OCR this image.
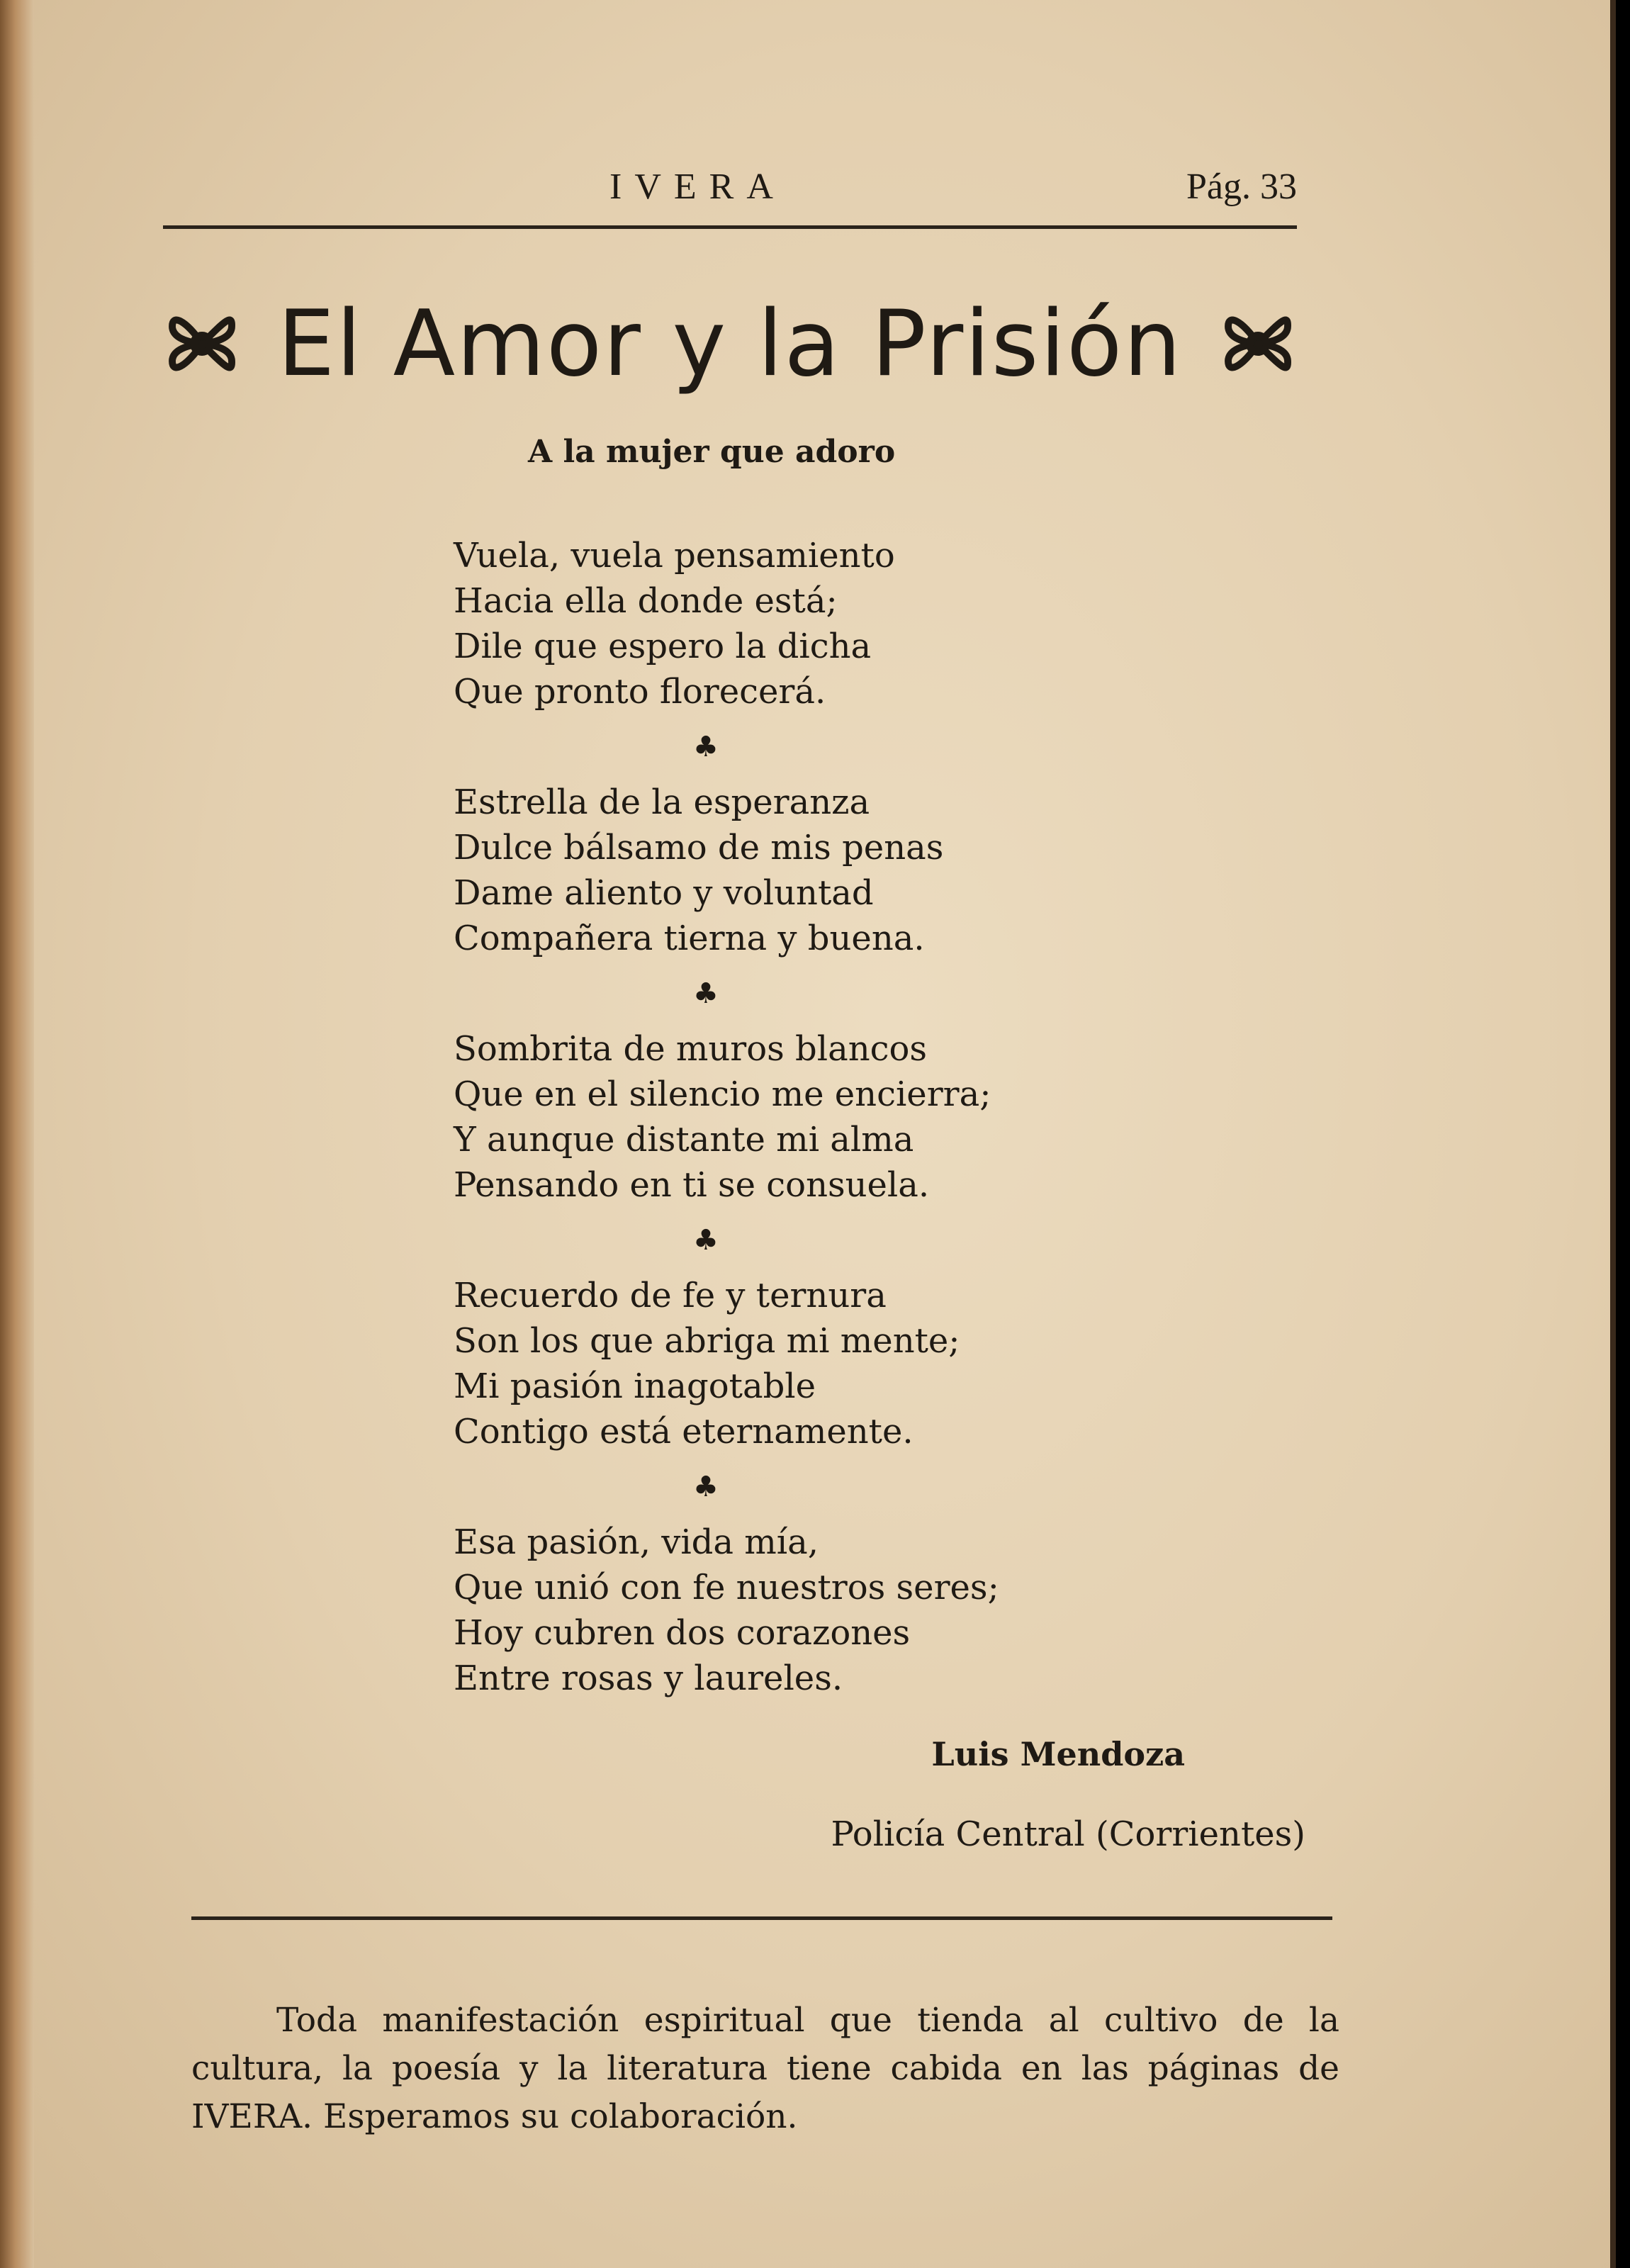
IVERA	Pág. 33
El Amor y la Prisión
A la mujer que adoro
Vuela, vuela pensamiento
Hacia ella donde está;
Dile que espero la dicha
Que pronto florecerá.
♣
Estrella de la esperanza
Dulce bálsamo de mis penas
Dame aliento y voluntad
Compañera tierna y buena.
♣
Sombrita de muros blancos
Que en el silencio me encierra;
Y aunque distante mi alma
Pensando en ti se consuela.
♣
Recuerdo de fe y ternura
Son los que abriga mi mente;
Mi pasión inagotable
Contigo está eternamente.
♣
Esa pasión, vida mía,
Que unió con fe nuestros seres;
Hoy cubren dos corazones
Entre rosas y laureles.
Luis Mendoza
Policía Central (Corrientes)

Toda manifestación espiritual que tienda al cultivo de la cultura, la poesía y la literatura tiene cabida en las páginas de IVERA. Esperamos su colaboración.
